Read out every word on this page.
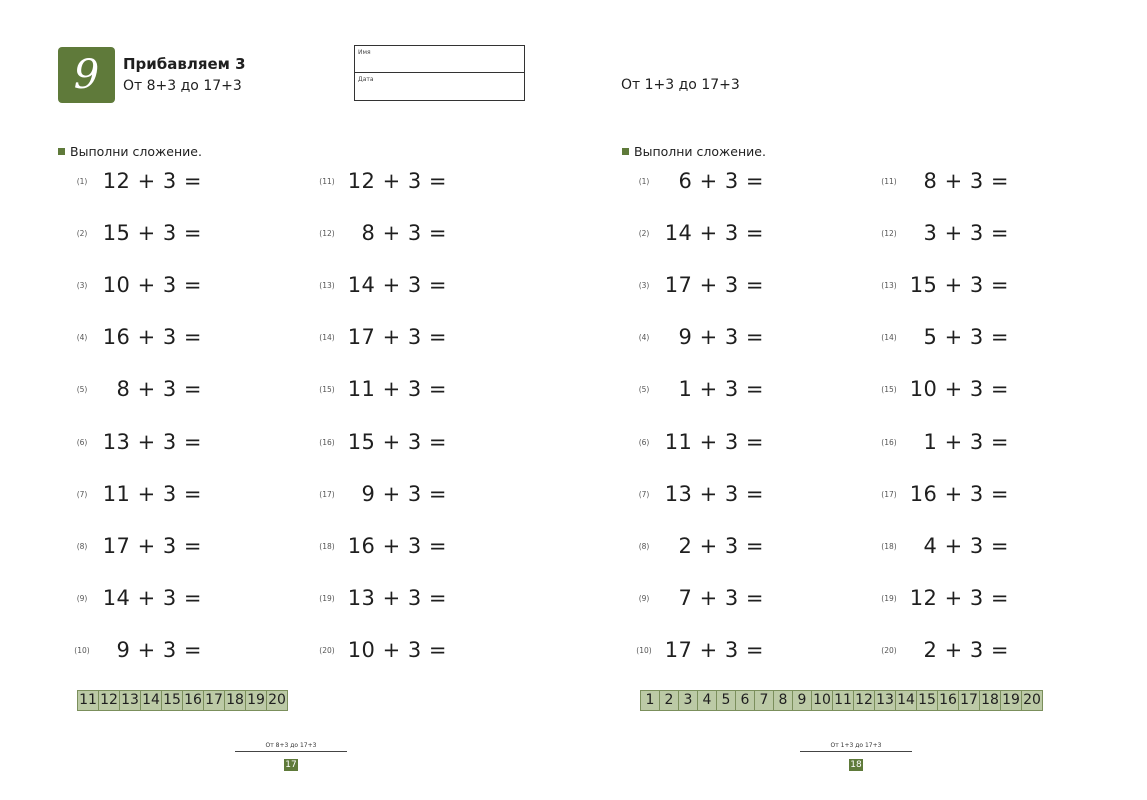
9	Прибавляем 3
От 8+3 до 17+3
Имя
Дата	От 1+3 до 17+3
Выполни сложение.	Выполни сложение.
(1) 12 + 3 =
(2) 15 + 3 =
(3) 10 + 3 =
(4) 16 + 3 =
(5)	8 + 3 =
(6) 13 + 3 =
(7) 11 + 3 =
(8) 17 + 3 =
(9) 14 + 3 =
(10)	9 + 3 =
(11) 12 + 3 =
(12)	8 + 3 =
(13) 14 + 3 =
(14) 17 + 3 =
(15) 11 + 3 =
(16) 15 + 3 =
(17)	9 + 3 =
(18) 16 + 3 =
(19) 13 + 3 =
(20) 10 + 3 =
(1)	6 + 3 =
(2) 14 + 3 =
(3) 17 + 3 =
(4)	9 + 3 =
(5)	1 + 3 =
(6) 11 + 3 =
(7) 13 + 3 =
(8)	2 + 3 =
(9)	7 + 3 =
(10) 17 + 3 =
(11)	8 + 3 =
(12)	3 + 3 =
(13) 15 + 3 =
(14)	5 + 3 =
(15) 10 + 3 =
(16)	1 + 3 =
(17) 16 + 3 =
(18)	4 + 3 =
(19) 12 + 3 =
(20)	2 + 3 =
11 12 13 14 15 16 17 18 19 20	1 2 3 4 5 6 7 8 9 10 11 12 13 14 15 16 17 18 19 20
От 8+3 до 17+3
17
От 1+3 до 17+3
18
